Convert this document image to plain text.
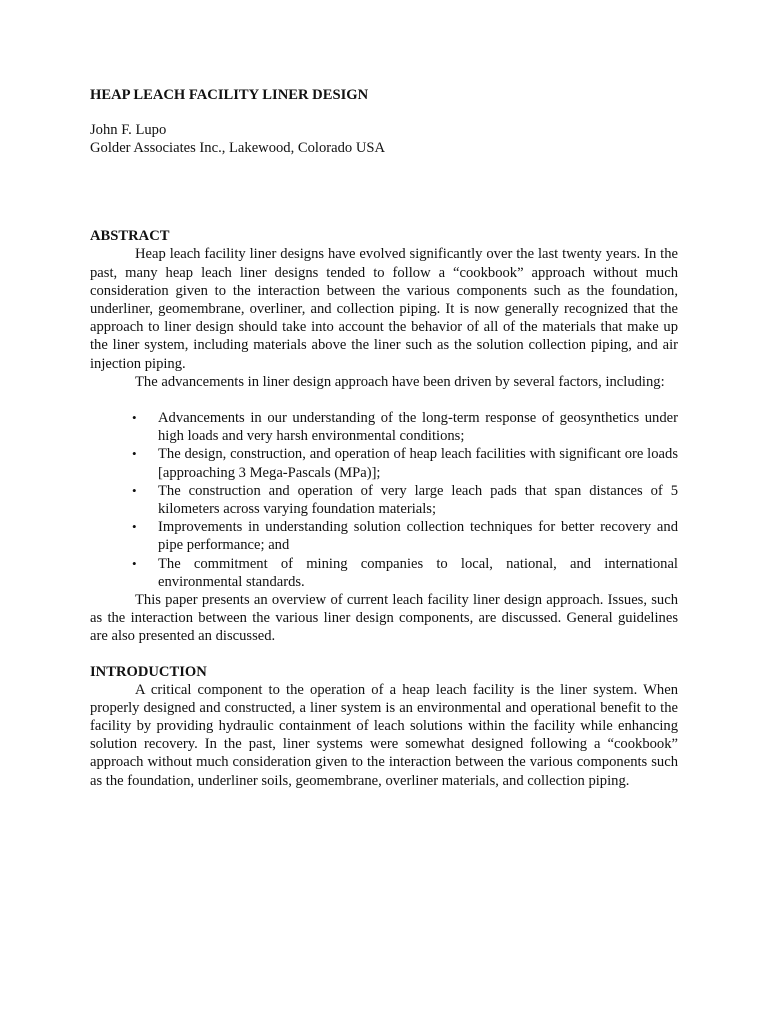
HEAP LEACH FACILITY LINER DESIGN
John F. Lupo
Golder Associates Inc., Lakewood, Colorado USA
ABSTRACT

Heap leach facility liner designs have evolved significantly over the last twenty years. In the past, many heap leach liner designs tended to follow a “cookbook” approach without much consideration given to the interaction between the various components such as the foundation, underliner, geomembrane, overliner, and collection piping. It is now generally recognized that the approach to liner design should take into account the behavior of all of the materials that make up the liner system, including materials above the liner such as the solution collection piping, and air injection piping.

The advancements in liner design approach have been driven by several factors, including:

• Advancements in our understanding of the long-term response of geosynthetics under high loads and very harsh environmental conditions;
• The design, construction, and operation of heap leach facilities with significant ore loads [approaching 3 Mega-Pascals (MPa)];
• The construction and operation of very large leach pads that span distances of 5 kilometers across varying foundation materials;
• Improvements in understanding solution collection techniques for better recovery and pipe performance; and
• The commitment of mining companies to local, national, and international environmental standards.

This paper presents an overview of current leach facility liner design approach. Issues, such as the interaction between the various liner design components, are discussed. General guidelines are also presented an discussed.

INTRODUCTION

A critical component to the operation of a heap leach facility is the liner system. When properly designed and constructed, a liner system is an environmental and operational benefit to the facility by providing hydraulic containment of leach solutions within the facility while enhancing solution recovery. In the past, liner systems were somewhat designed following a “cookbook” approach without much consideration given to the interaction between the various components such as the foundation, underliner soils, geomembrane, overliner materials, and collection piping.
